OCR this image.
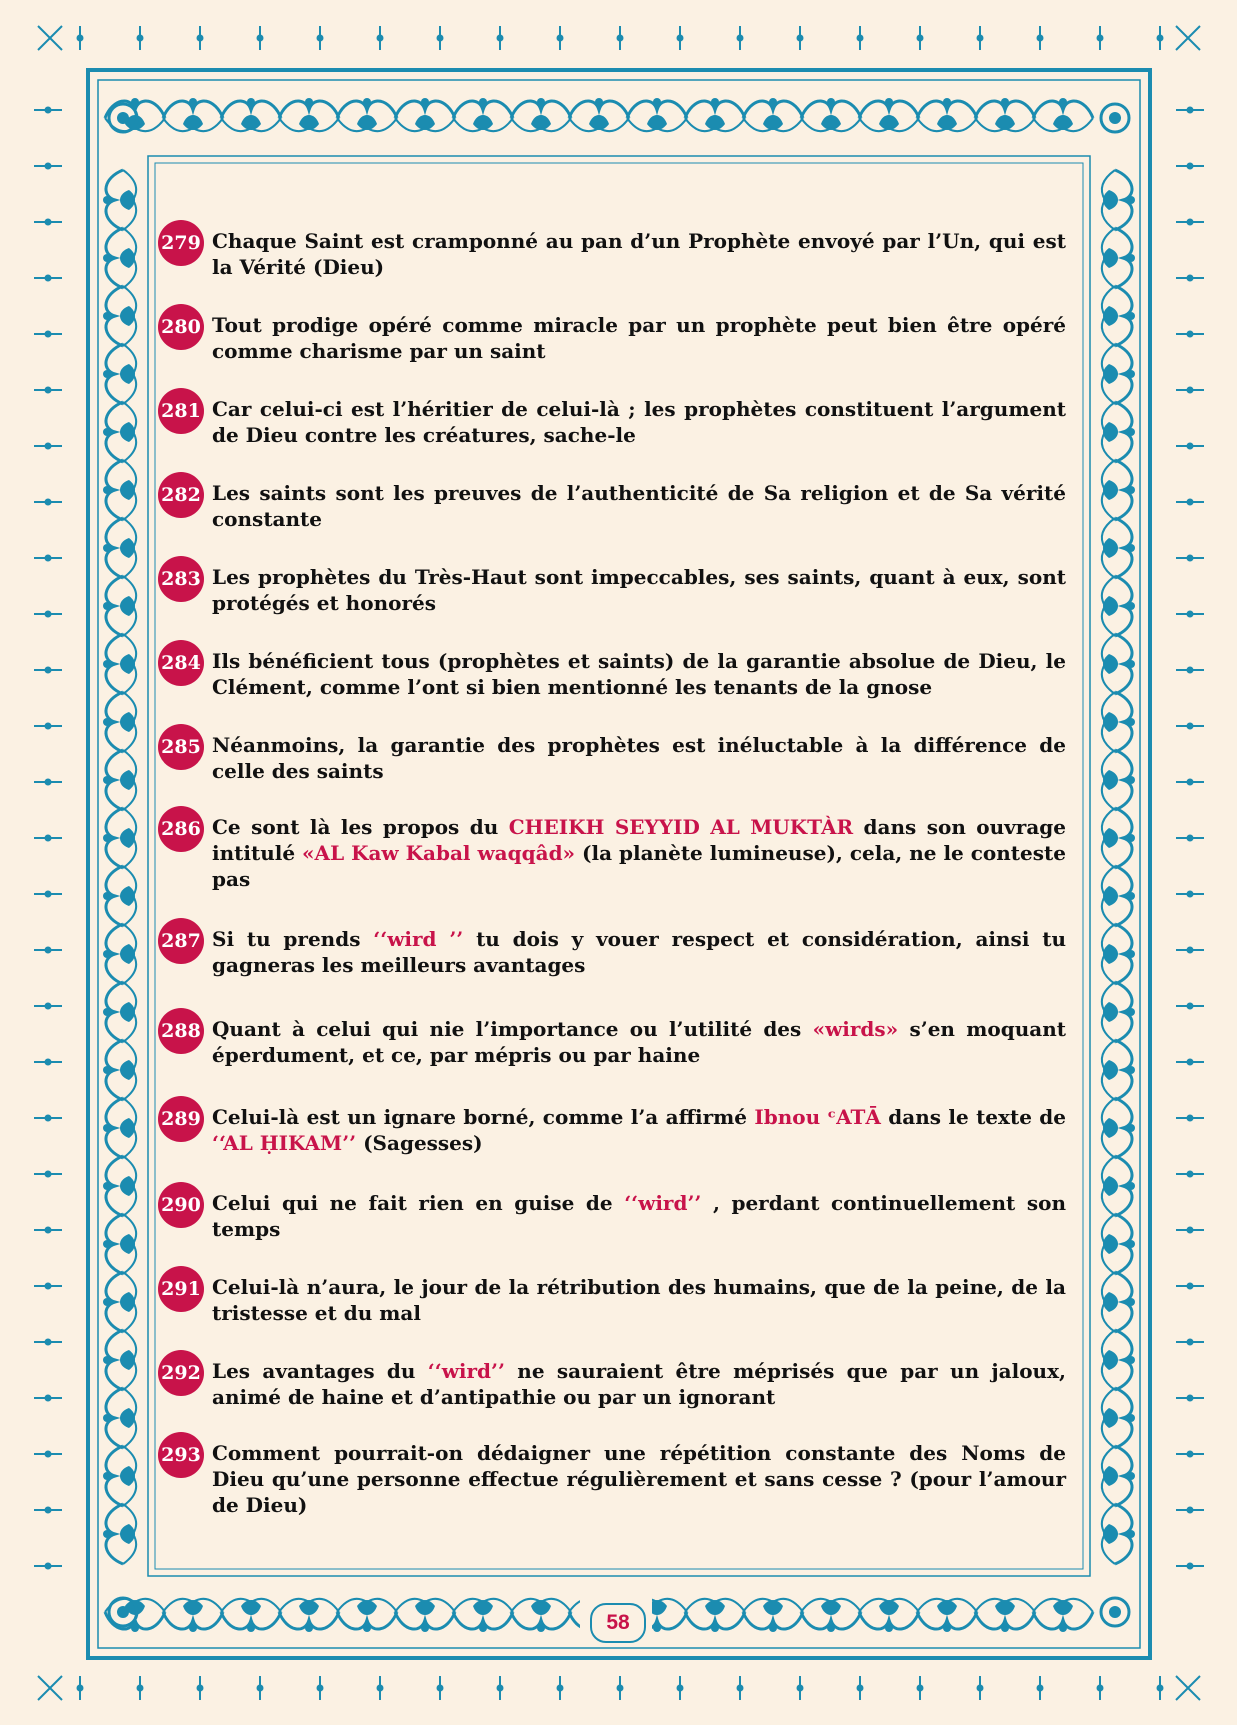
279 Chaque Saint est cramponné au pan d’un Prophète envoyé par l’Un, qui est la Vérité (Dieu)
280 Tout prodige opéré comme miracle par un prophète peut bien être opéré comme charisme par un saint
281 Car celui-ci est l’héritier de celui-là ; les prophètes constituent l’argument de Dieu contre les créatures, sache-le
282 Les saints sont les preuves de l’authenticité de Sa religion et de Sa vérité constante
283 Les prophètes du Très-Haut sont impeccables, ses saints, quant à eux, sont protégés et honorés
284 Ils bénéficient tous (prophètes et saints) de la garantie absolue de Dieu, le Clément, comme l’ont si bien mentionné les tenants de la gnose
285 Néanmoins, la garantie des prophètes est inéluctable à la différence de celle des saints
286 Ce sont là les propos du CHEIKH SEYYID AL MUKTÀR dans son ouvrage intitulé «AL Kaw Kabal waqqâd» (la planète lumineuse), cela, ne le conteste pas
287 Si tu prends ‘‘wird ’’ tu dois y vouer respect et considération, ainsi tu gagneras les meilleurs avantages
288 Quant à celui qui nie l’importance ou l’utilité des «wirds» s’en moquant éperdument, et ce, par mépris ou par haine
289 Celui-là est un ignare borné, comme l’a affirmé Ibnou ᶜATĀ dans le texte de ‘‘AL ḤIKAM’’ (Sagesses)
290 Celui qui ne fait rien en guise de ‘‘wird’’ , perdant continuellement son temps
291 Celui-là n’aura, le jour de la rétribution des humains, que de la peine, de la tristesse et du mal
292 Les avantages du ‘‘wird’’ ne sauraient être méprisés que par un jaloux, animé de haine et d’antipathie ou par un ignorant
293 Comment pourrait-on dédaigner une répétition constante des Noms de Dieu qu’une personne effectue régulièrement et sans cesse ? (pour l’amour de Dieu)
58
